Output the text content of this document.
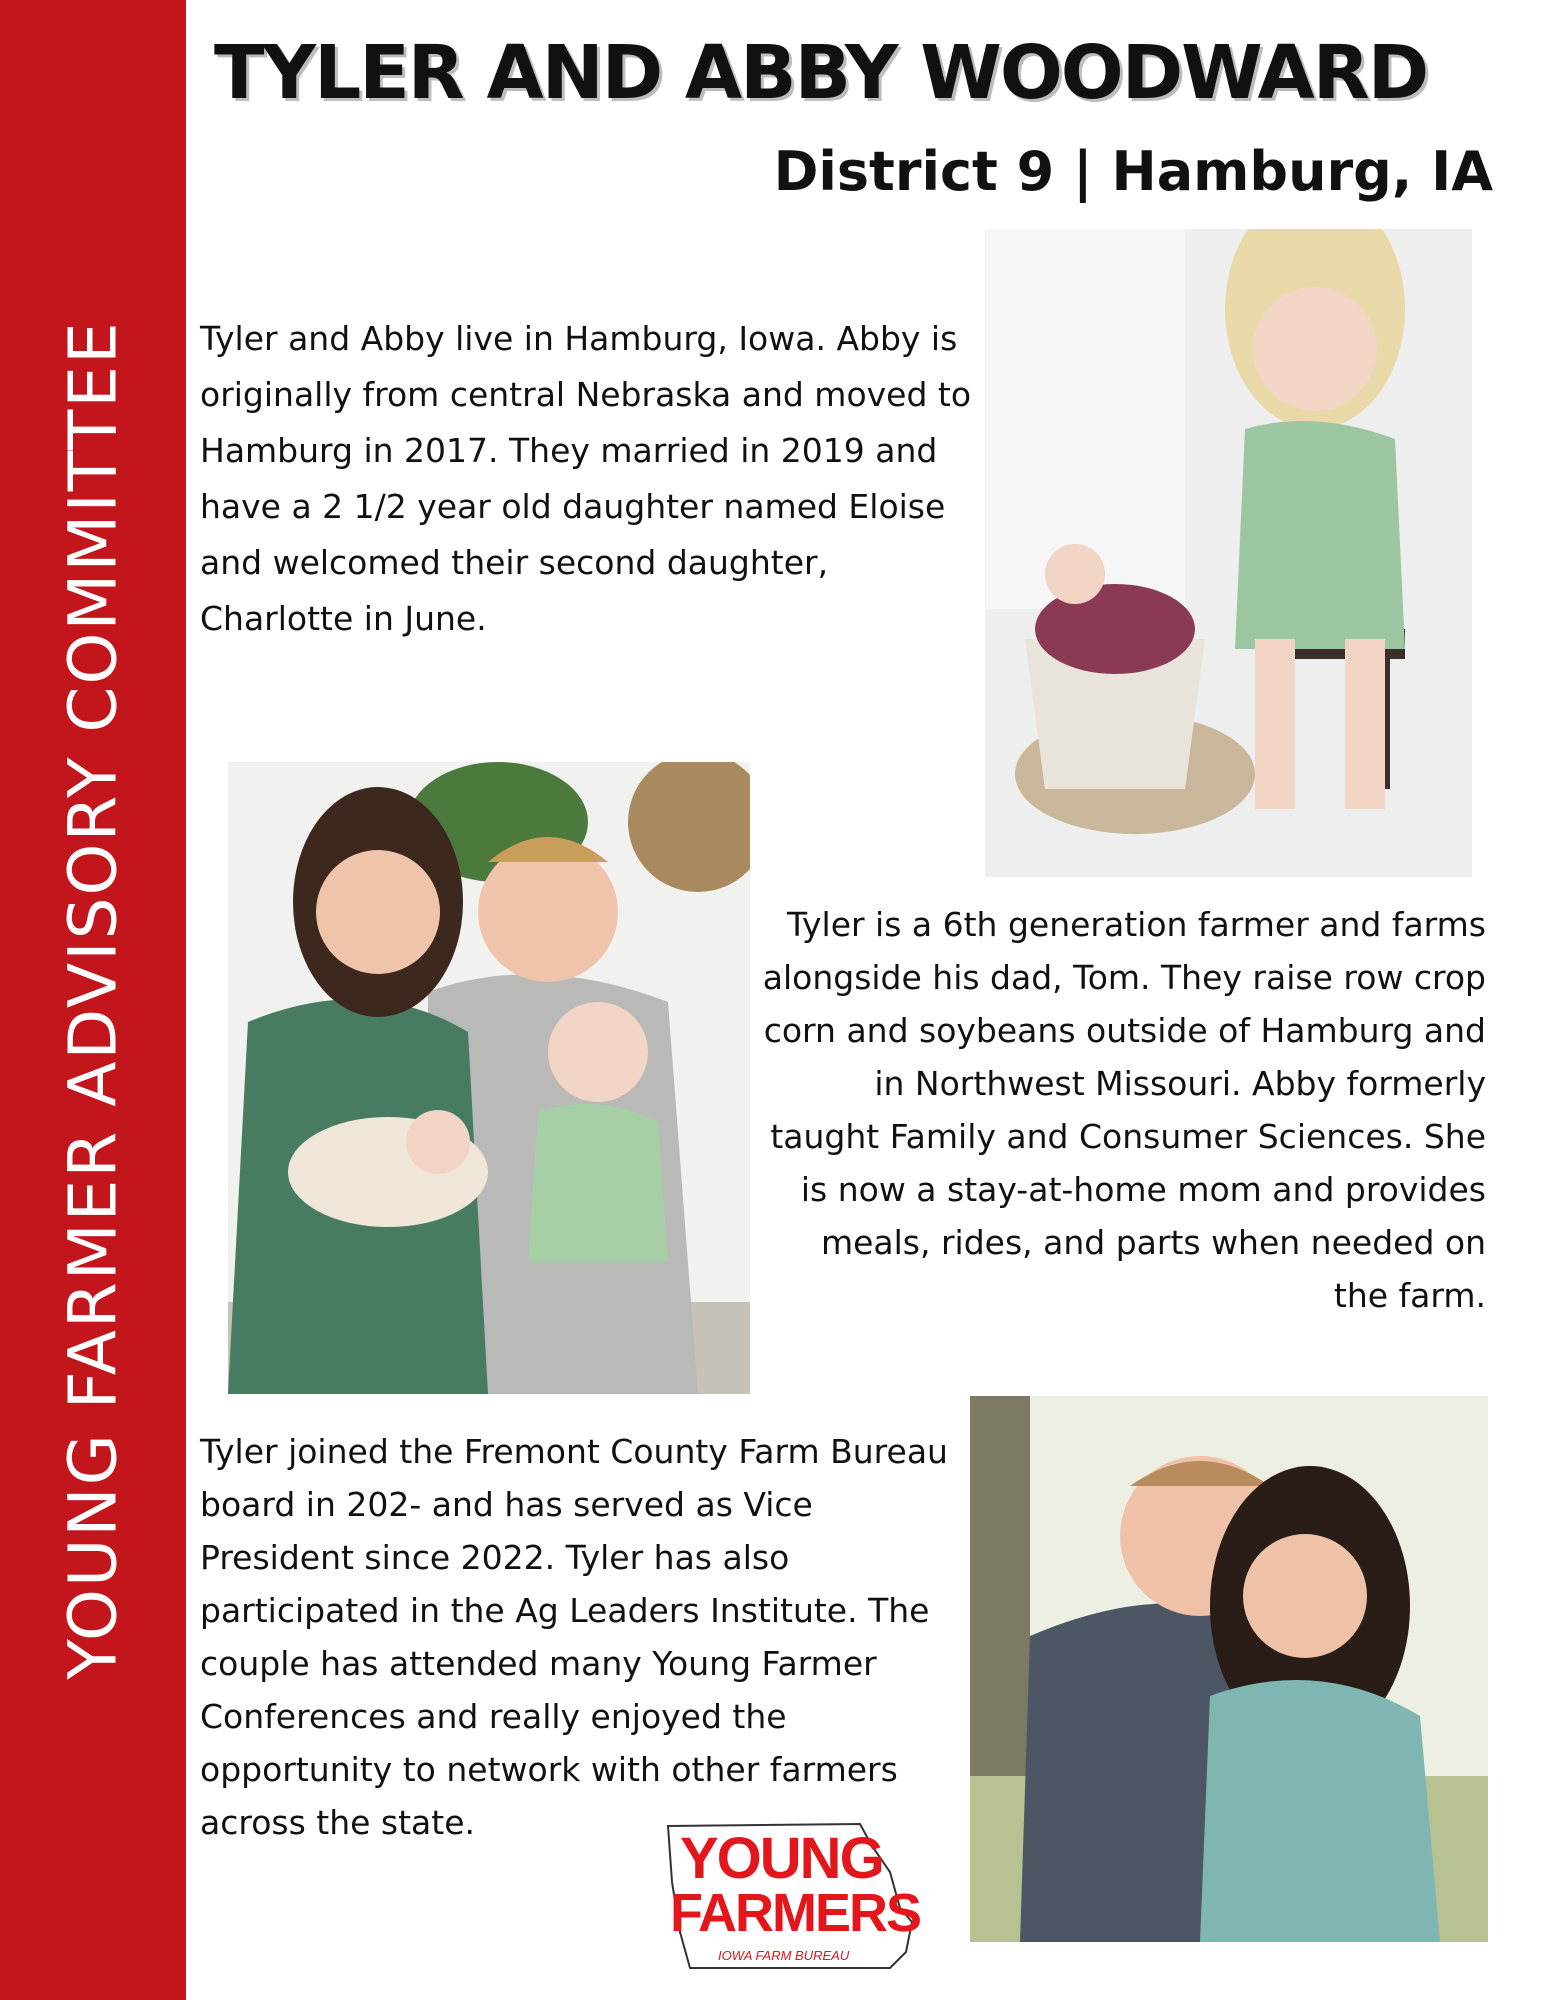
YOUNG FARMER ADVISORY COMMITTEE
TYLER AND ABBY WOODWARD
District 9 | Hamburg, IA

Tyler and Abby live in Hamburg, Iowa. Abby is originally from central Nebraska and moved to Hamburg in 2017. They married in 2019 and have a 2 1/2 year old daughter named Eloise and welcomed their second daughter, Charlotte in June.

Tyler is a 6th generation farmer and farms alongside his dad, Tom. They raise row crop corn and soybeans outside of Hamburg and in Northwest Missouri. Abby formerly taught Family and Consumer Sciences. She is now a stay-at-home mom and provides meals, rides, and parts when needed on the farm.

Tyler joined the Fremont County Farm Bureau board in 202- and has served as Vice President since 2022. Tyler has also participated in the Ag Leaders Institute. The couple has attended many Young Farmer Conferences and really enjoyed the opportunity to network with other farmers across the state.

YOUNG
FARMERS
IOWA FARM BUREAU
